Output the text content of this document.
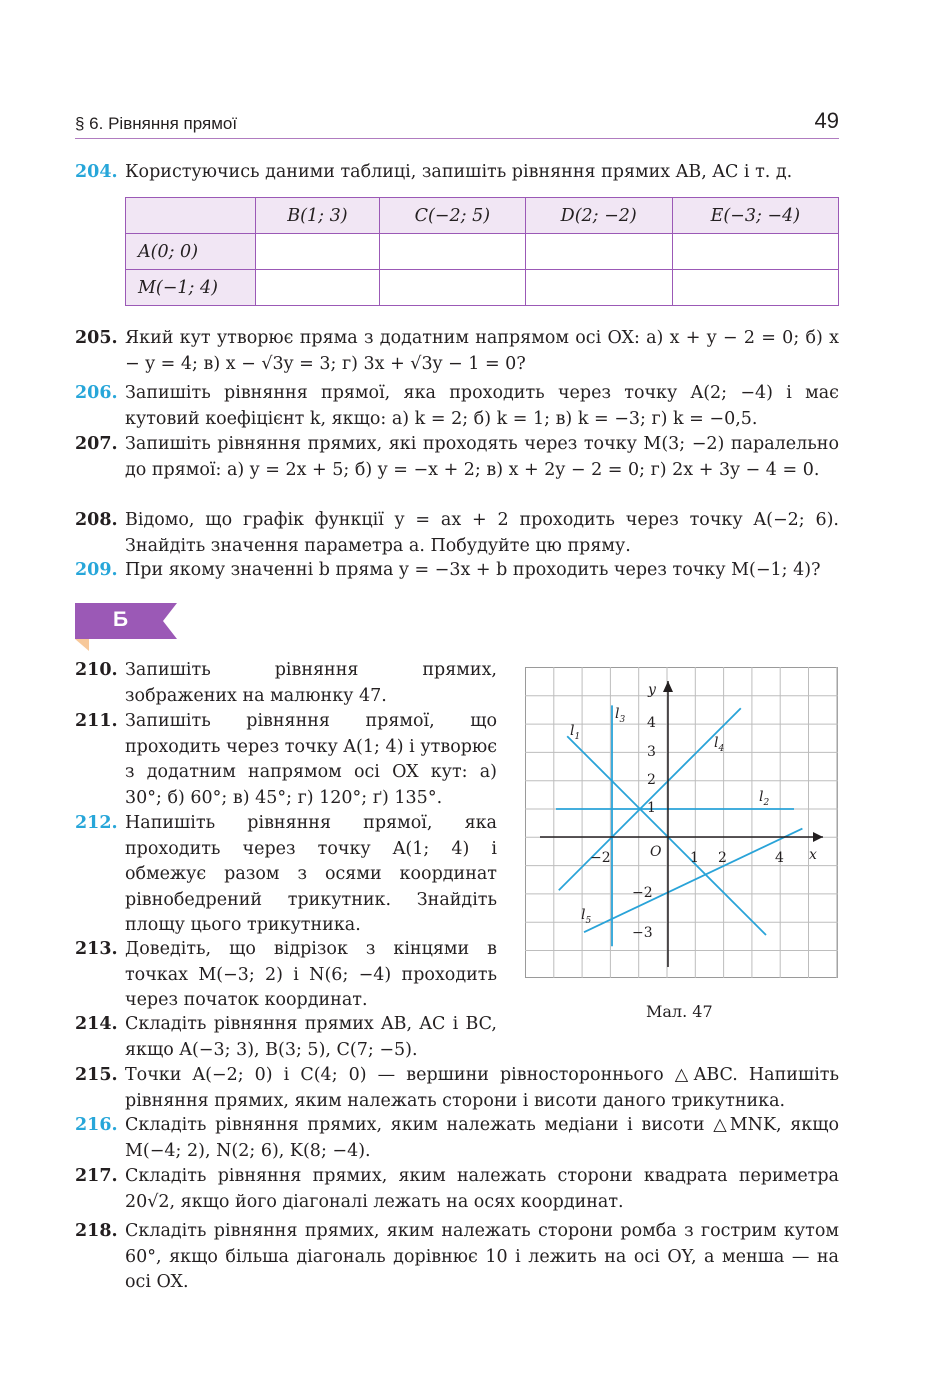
§ 6. Рівняння прямої	49
204. Користуючись даними таблиці, запишіть рівняння прямих AB, AC і т. д.
	B(1; 3)	C(−2; 5)	D(2; −2)	E(−3; −4)
A(0; 0)				
M(−1; 4)				
205. Який кут утворює пряма з додатним напрямом осі OX: а) x + y − 2 = 0; б) x − y = 4; в) x − √3y = 3; г) 3x + √3y − 1 = 0?
206. Запишіть рівняння прямої, яка проходить через точку A(2; −4) і має кутовий коефіцієнт k, якщо: а) k = 2; б) k = 1; в) k = −3; г) k = −0,5.
207. Запишіть рівняння прямих, які проходять через точку M(3; −2) паралельно до прямої: а) y = 2x + 5; б) y = −x + 2; в) x + 2y − 2 = 0; г) 2x + 3y − 4 = 0.
208. Відомо, що графік функції y = ax + 2 проходить через точку A(−2; 6). Знайдіть значення параметра a. Побудуйте цю пряму.
209. При якому значенні b пряма y = −3x + b проходить через точку M(−1; 4)?
Б
210. Запишіть рівняння прямих, зображених на малюнку 47.
211. Запишіть рівняння прямої, що проходить через точку A(1; 4) і утворює з додатним напрямом осі OX кут: а) 30°; б) 60°; в) 45°; г) 120°; ґ) 135°.
212. Напишіть рівняння прямої, яка проходить через точку A(1; 4) і обмежує разом з осями координат рівнобедрений трикутник. Знайдіть площу цього трикутника.
213. Доведіть, що відрізок з кінцями в точках M(−3; 2) і N(6; −4) проходить через початок координат.
214. Складіть рівняння прямих AB, AC і BC, якщо A(−3; 3), B(3; 5), C(7; −5).
215. Точки A(−2; 0) і C(4; 0) — вершини рівностороннього △ABC. Напишіть рівняння прямих, яким належать сторони і висоти даного трикутника.
216. Складіть рівняння прямих, яким належать медіани і висоти △MNK, якщо M(−4; 2), N(2; 6), K(8; −4).
217. Складіть рівняння прямих, яким належать сторони квадрата периметра 20√2, якщо його діагоналі лежать на осях координат.
218. Складіть рівняння прямих, яким належать сторони ромба з гострим кутом 60°, якщо більша діагональ дорівнює 10 і лежить на осі OY, а менша — на осі OX.
x
y
O
−2	1 2	4
4
3
2
1
−2
−3
$l_1$
$l_2$
$l_3$
$l_4$
$l_5$
Мал. 47
